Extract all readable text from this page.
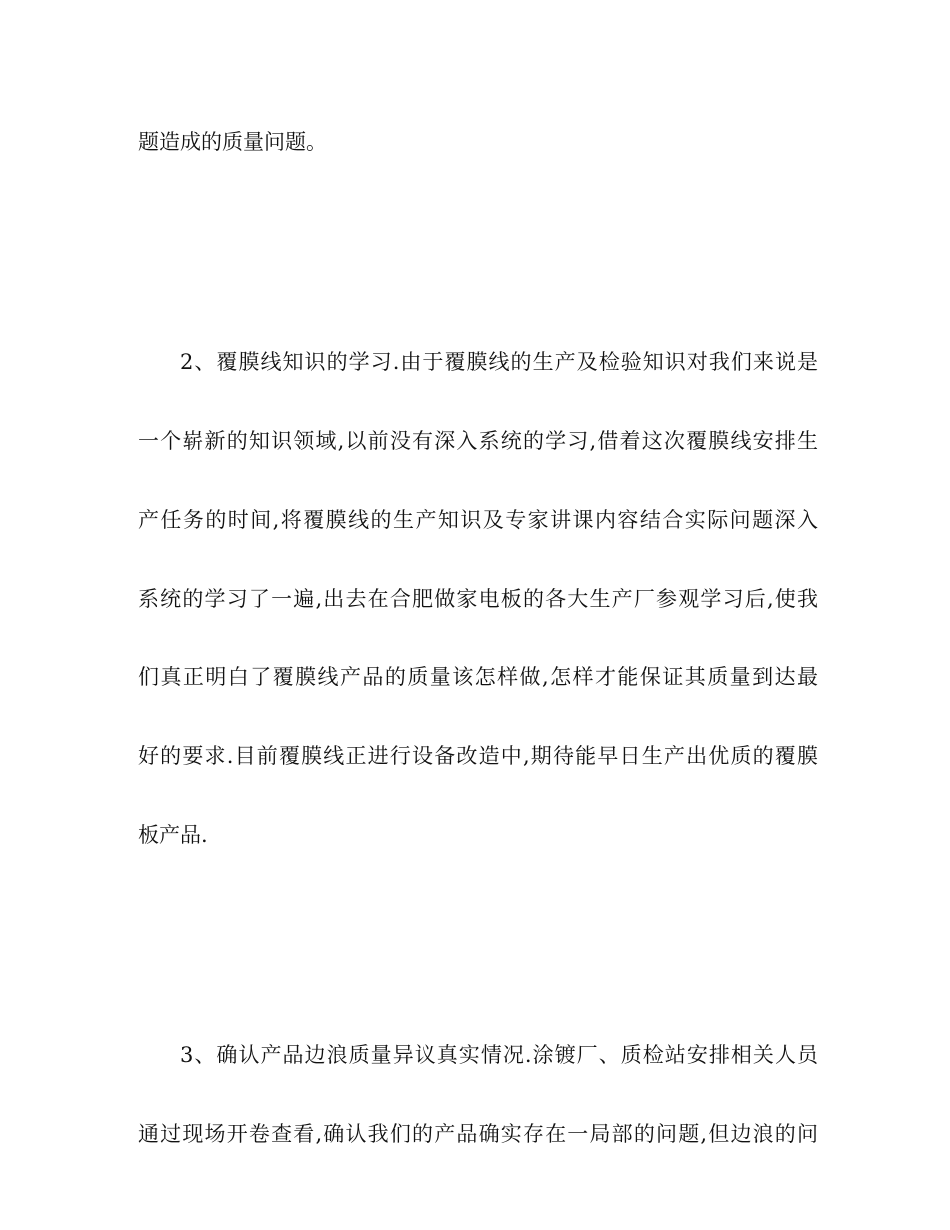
题造成的质量问题。
2、覆膜线知识的学习.由于覆膜线的生产及检验知识对我们来说是
一个崭新的知识领域,以前没有深入系统的学习,借着这次覆膜线安排生
产任务的时间,将覆膜线的生产知识及专家讲课内容结合实际问题深入
系统的学习了一遍,出去在合肥做家电板的各大生产厂参观学习后,使我
们真正明白了覆膜线产品的质量该怎样做,怎样才能保证其质量到达最
好的要求.目前覆膜线正进行设备改造中,期待能早日生产出优质的覆膜
板产品.
3、确认产品边浪质量异议真实情况.涂镀厂、质检站安排相关人员
通过现场开卷查看,确认我们的产品确实存在一局部的问题,但边浪的问
